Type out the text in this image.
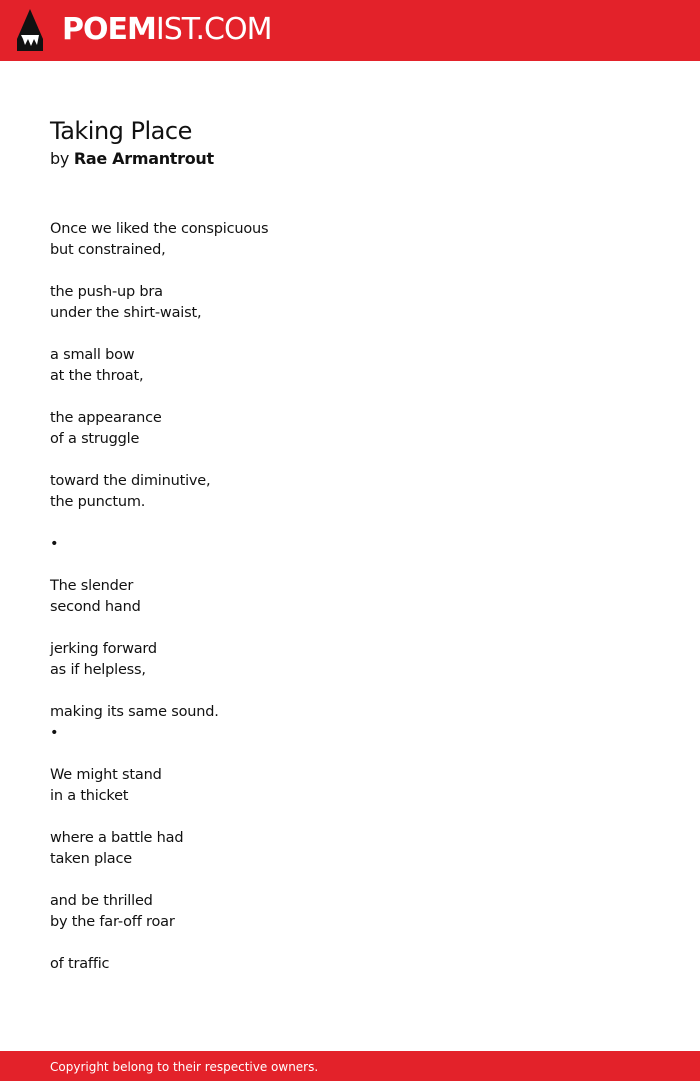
POEMIST.COM
Taking Place
by Rae Armantrout
Once we liked the conspicuous
but constrained,
the push-up bra
under the shirt-waist,
a small bow
at the throat,
the appearance
of a struggle
toward the diminutive,
the punctum.
•
The slender
second hand
jerking forward
as if helpless,
making its same sound.
•
We might stand
in a thicket
where a battle had
taken place
and be thrilled
by the far-off roar
of traffic
Copyright belong to their respective owners.
